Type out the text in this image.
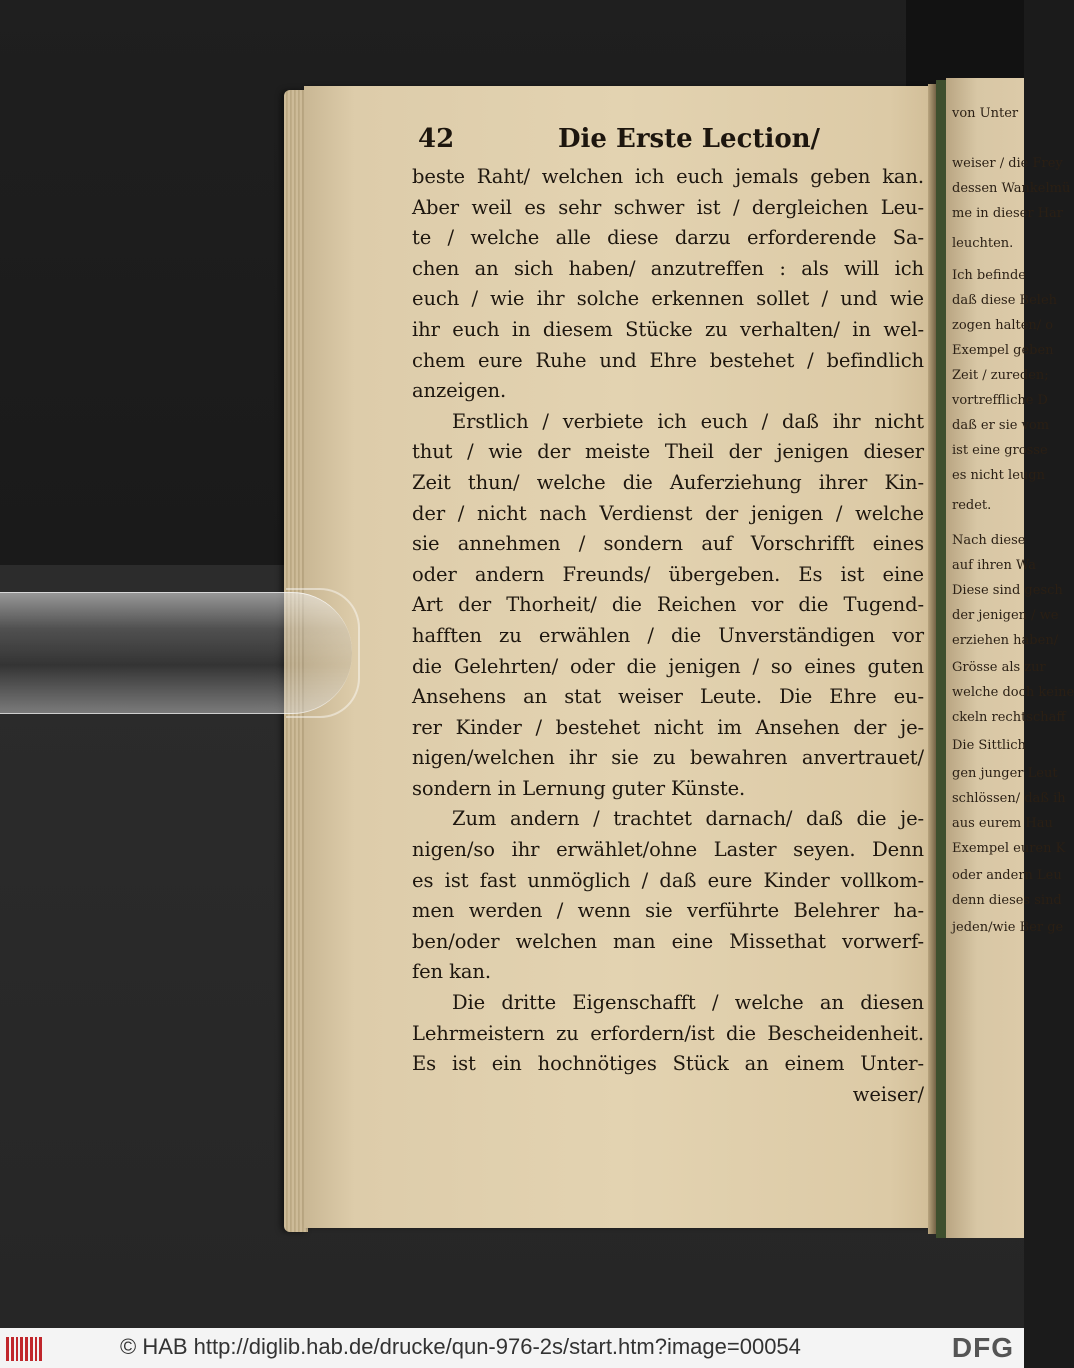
von Unter
weiser / die Frey
dessen Wankelmü
me in dieser Har
leuchten.
Ich befinde
daß diese Beleh
zogen halten/ o
Exempel geben
Zeit / zureden;
vortreffliche D
daß er sie vom
ist eine grosse
es nicht leugn
redet.
Nach diese
auf ihren Wa
Diese sind gesch
der jenigen / we
erziehen haben/
Grösse als zur
welche doch keine
ckeln rechtschaff
Die Sittlich
gen junger Leut
schlössen/ daß ih
aus eurem Hau
Exempel euren K
oder andern Leu
denn dieses sind
jeden/wie Ber ge
42	Die Erste Lection/
beste Raht/ welchen ich euch jemals geben kan.
Aber weil es sehr schwer ist / dergleichen Leu-
te / welche alle diese darzu erforderende Sa-
chen an sich haben/ anzutreffen : als will ich
euch / wie ihr solche erkennen sollet / und wie
ihr euch in diesem Stücke zu verhalten/ in wel-
chem eure Ruhe und Ehre bestehet / befindlich
anzeigen.
Erstlich / verbiete ich euch / daß ihr nicht
thut / wie der meiste Theil der jenigen dieser
Zeit thun/ welche die Auferziehung ihrer Kin-
der / nicht nach Verdienst der jenigen / welche
sie annehmen / sondern auf Vorschrifft eines
oder andern Freunds/ übergeben. Es ist eine
Art der Thorheit/ die Reichen vor die Tugend-
hafften zu erwählen / die Unverständigen vor
die Gelehrten/ oder die jenigen / so eines guten
Ansehens an stat weiser Leute. Die Ehre eu-
rer Kinder / bestehet nicht im Ansehen der je-
nigen/welchen ihr sie zu bewahren anvertrauet/
sondern in Lernung guter Künste.
Zum andern / trachtet darnach/ daß die je-
nigen/so ihr erwählet/ohne Laster seyen. Denn
es ist fast unmöglich / daß eure Kinder vollkom-
men werden / wenn sie verführte Belehrer ha-
ben/oder welchen man eine Missethat vorwerf-
fen kan.
Die dritte Eigenschafft / welche an diesen
Lehrmeistern zu erfordern/ist die Bescheidenheit.
Es ist ein hochnötiges Stück an einem Unter-
weiser/
© HAB http://diglib.hab.de/drucke/qun-976-2s/start.htm?image=00054	DFG
